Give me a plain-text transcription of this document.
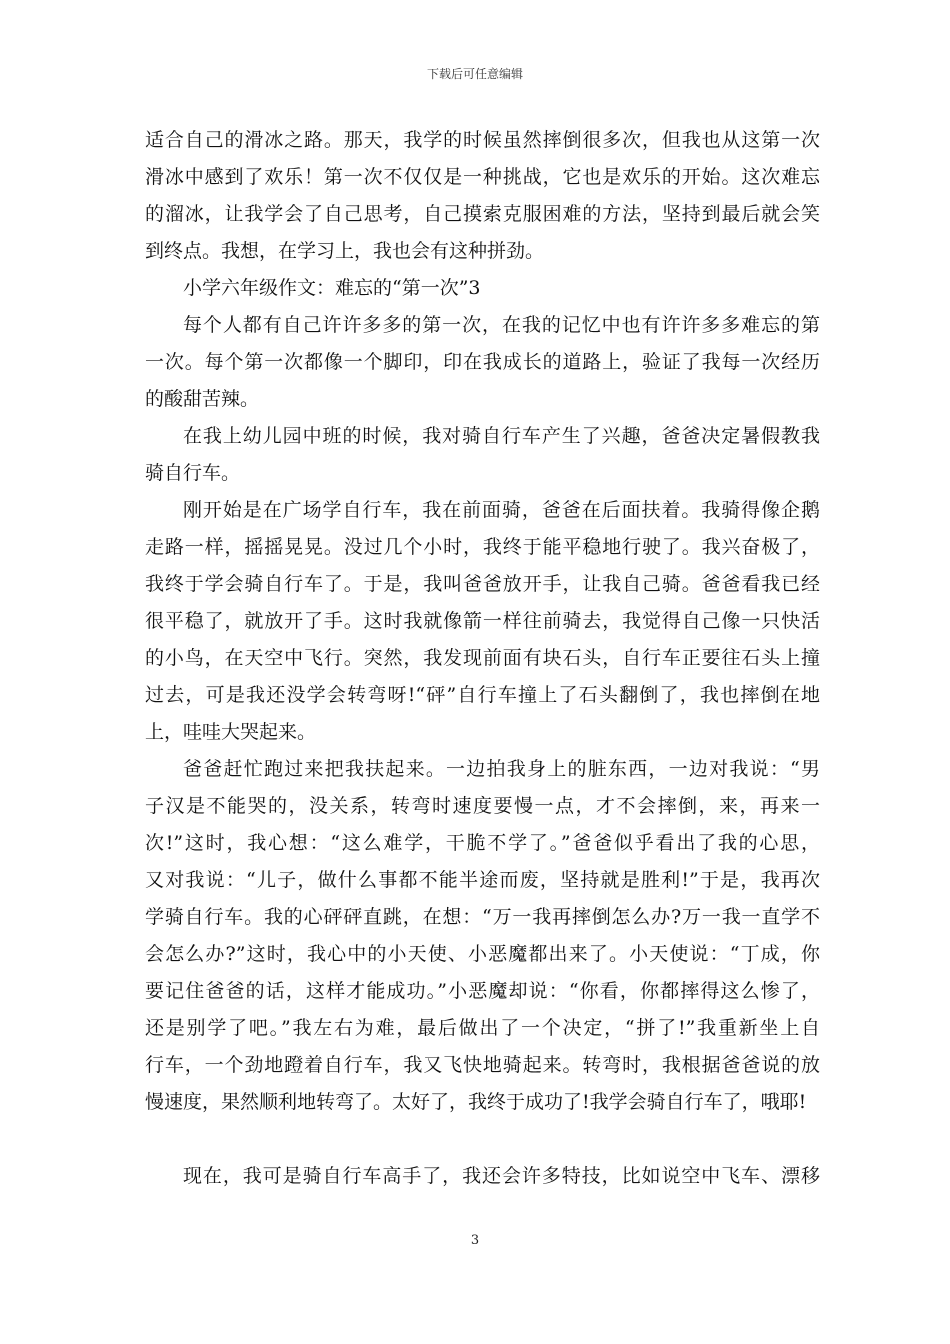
下载后可任意编辑
适合自己的滑冰之路。那天，我学的时候虽然摔倒很多次，但我也从这第一次
滑冰中感到了欢乐！第一次不仅仅是一种挑战，它也是欢乐的开始。这次难忘
的溜冰，让我学会了自己思考，自己摸索克服困难的方法，坚持到最后就会笑
到终点。我想，在学习上，我也会有这种拼劲。
小学六年级作文：难忘的“第一次”3
每个人都有自己许许多多的第一次，在我的记忆中也有许许多多难忘的第
一次。每个第一次都像一个脚印，印在我成长的道路上，验证了我每一次经历
的酸甜苦辣。
在我上幼儿园中班的时候，我对骑自行车产生了兴趣，爸爸决定暑假教我
骑自行车。
刚开始是在广场学自行车，我在前面骑，爸爸在后面扶着。我骑得像企鹅
走路一样，摇摇晃晃。没过几个小时，我终于能平稳地行驶了。我兴奋极了，
我终于学会骑自行车了。于是，我叫爸爸放开手，让我自己骑。爸爸看我已经
很平稳了，就放开了手。这时我就像箭一样往前骑去，我觉得自己像一只快活
的小鸟，在天空中飞行。突然，我发现前面有块石头，自行车正要往石头上撞
过去，可是我还没学会转弯呀!“砰”自行车撞上了石头翻倒了，我也摔倒在地
上，哇哇大哭起来。
爸爸赶忙跑过来把我扶起来。一边拍我身上的脏东西，一边对我说：“男
子汉是不能哭的，没关系，转弯时速度要慢一点，才不会摔倒，来，再来一
次!”这时，我心想：“这么难学，干脆不学了。”爸爸似乎看出了我的心思，
又对我说：“儿子，做什么事都不能半途而废，坚持就是胜利!”于是，我再次
学骑自行车。我的心砰砰直跳，在想：“万一我再摔倒怎么办?万一我一直学不
会怎么办?”这时，我心中的小天使、小恶魔都出来了。小天使说：“丁成，你
要记住爸爸的话，这样才能成功。”小恶魔却说：“你看，你都摔得这么惨了，
还是别学了吧。”我左右为难，最后做出了一个决定，“拼了!”我重新坐上自
行车，一个劲地蹬着自行车，我又飞快地骑起来。转弯时，我根据爸爸说的放
慢速度，果然顺利地转弯了。太好了，我终于成功了!我学会骑自行车了，哦耶!
现在，我可是骑自行车高手了，我还会许多特技，比如说空中飞车、漂移
3
